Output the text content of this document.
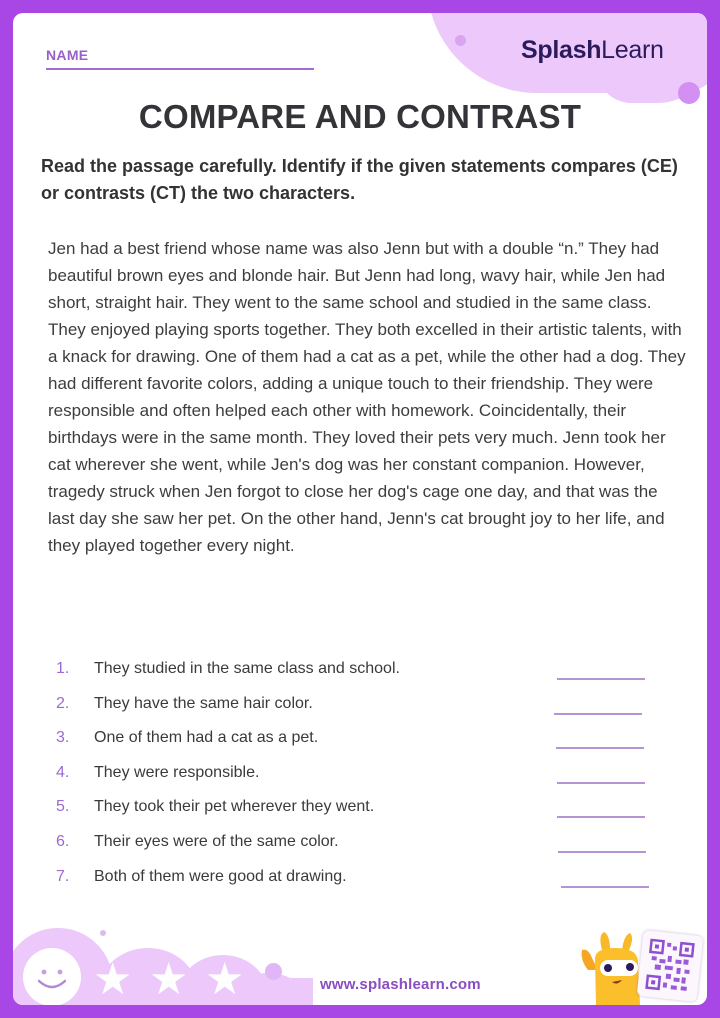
SplashLearn
NAME
COMPARE AND CONTRAST

Read the passage carefully. Identify if the given statements compares (CE) or contrasts (CT) the two characters.

Jen had a best friend whose name was also Jenn but with a double “n.” They had beautiful brown eyes and blonde hair. But Jenn had long, wavy hair, while Jen had short, straight hair. They went to the same school and studied in the same class. They enjoyed playing sports together. They both excelled in their artistic talents, with a knack for drawing. One of them had a cat as a pet, while the other had a dog. They had different favorite colors, adding a unique touch to their friendship. They were responsible and often helped each other with homework. Coincidentally, their birthdays were in the same month. They loved their pets very much. Jenn took her cat wherever she went, while Jen's dog was her constant companion. However, tragedy struck when Jen forgot to close her dog's cage one day, and that was the last day she saw her pet. On the other hand, Jenn's cat brought joy to her life, and they played together every night.

1.	They studied in the same class and school.
2.	They have the same hair color.
3.	One of them had a cat as a pet.
4.	They were responsible.
5.	They took their pet wherever they went.
6.	Their eyes were of the same color.
7.	Both of them were good at drawing.
★ ★ ★	www.splashlearn.com
